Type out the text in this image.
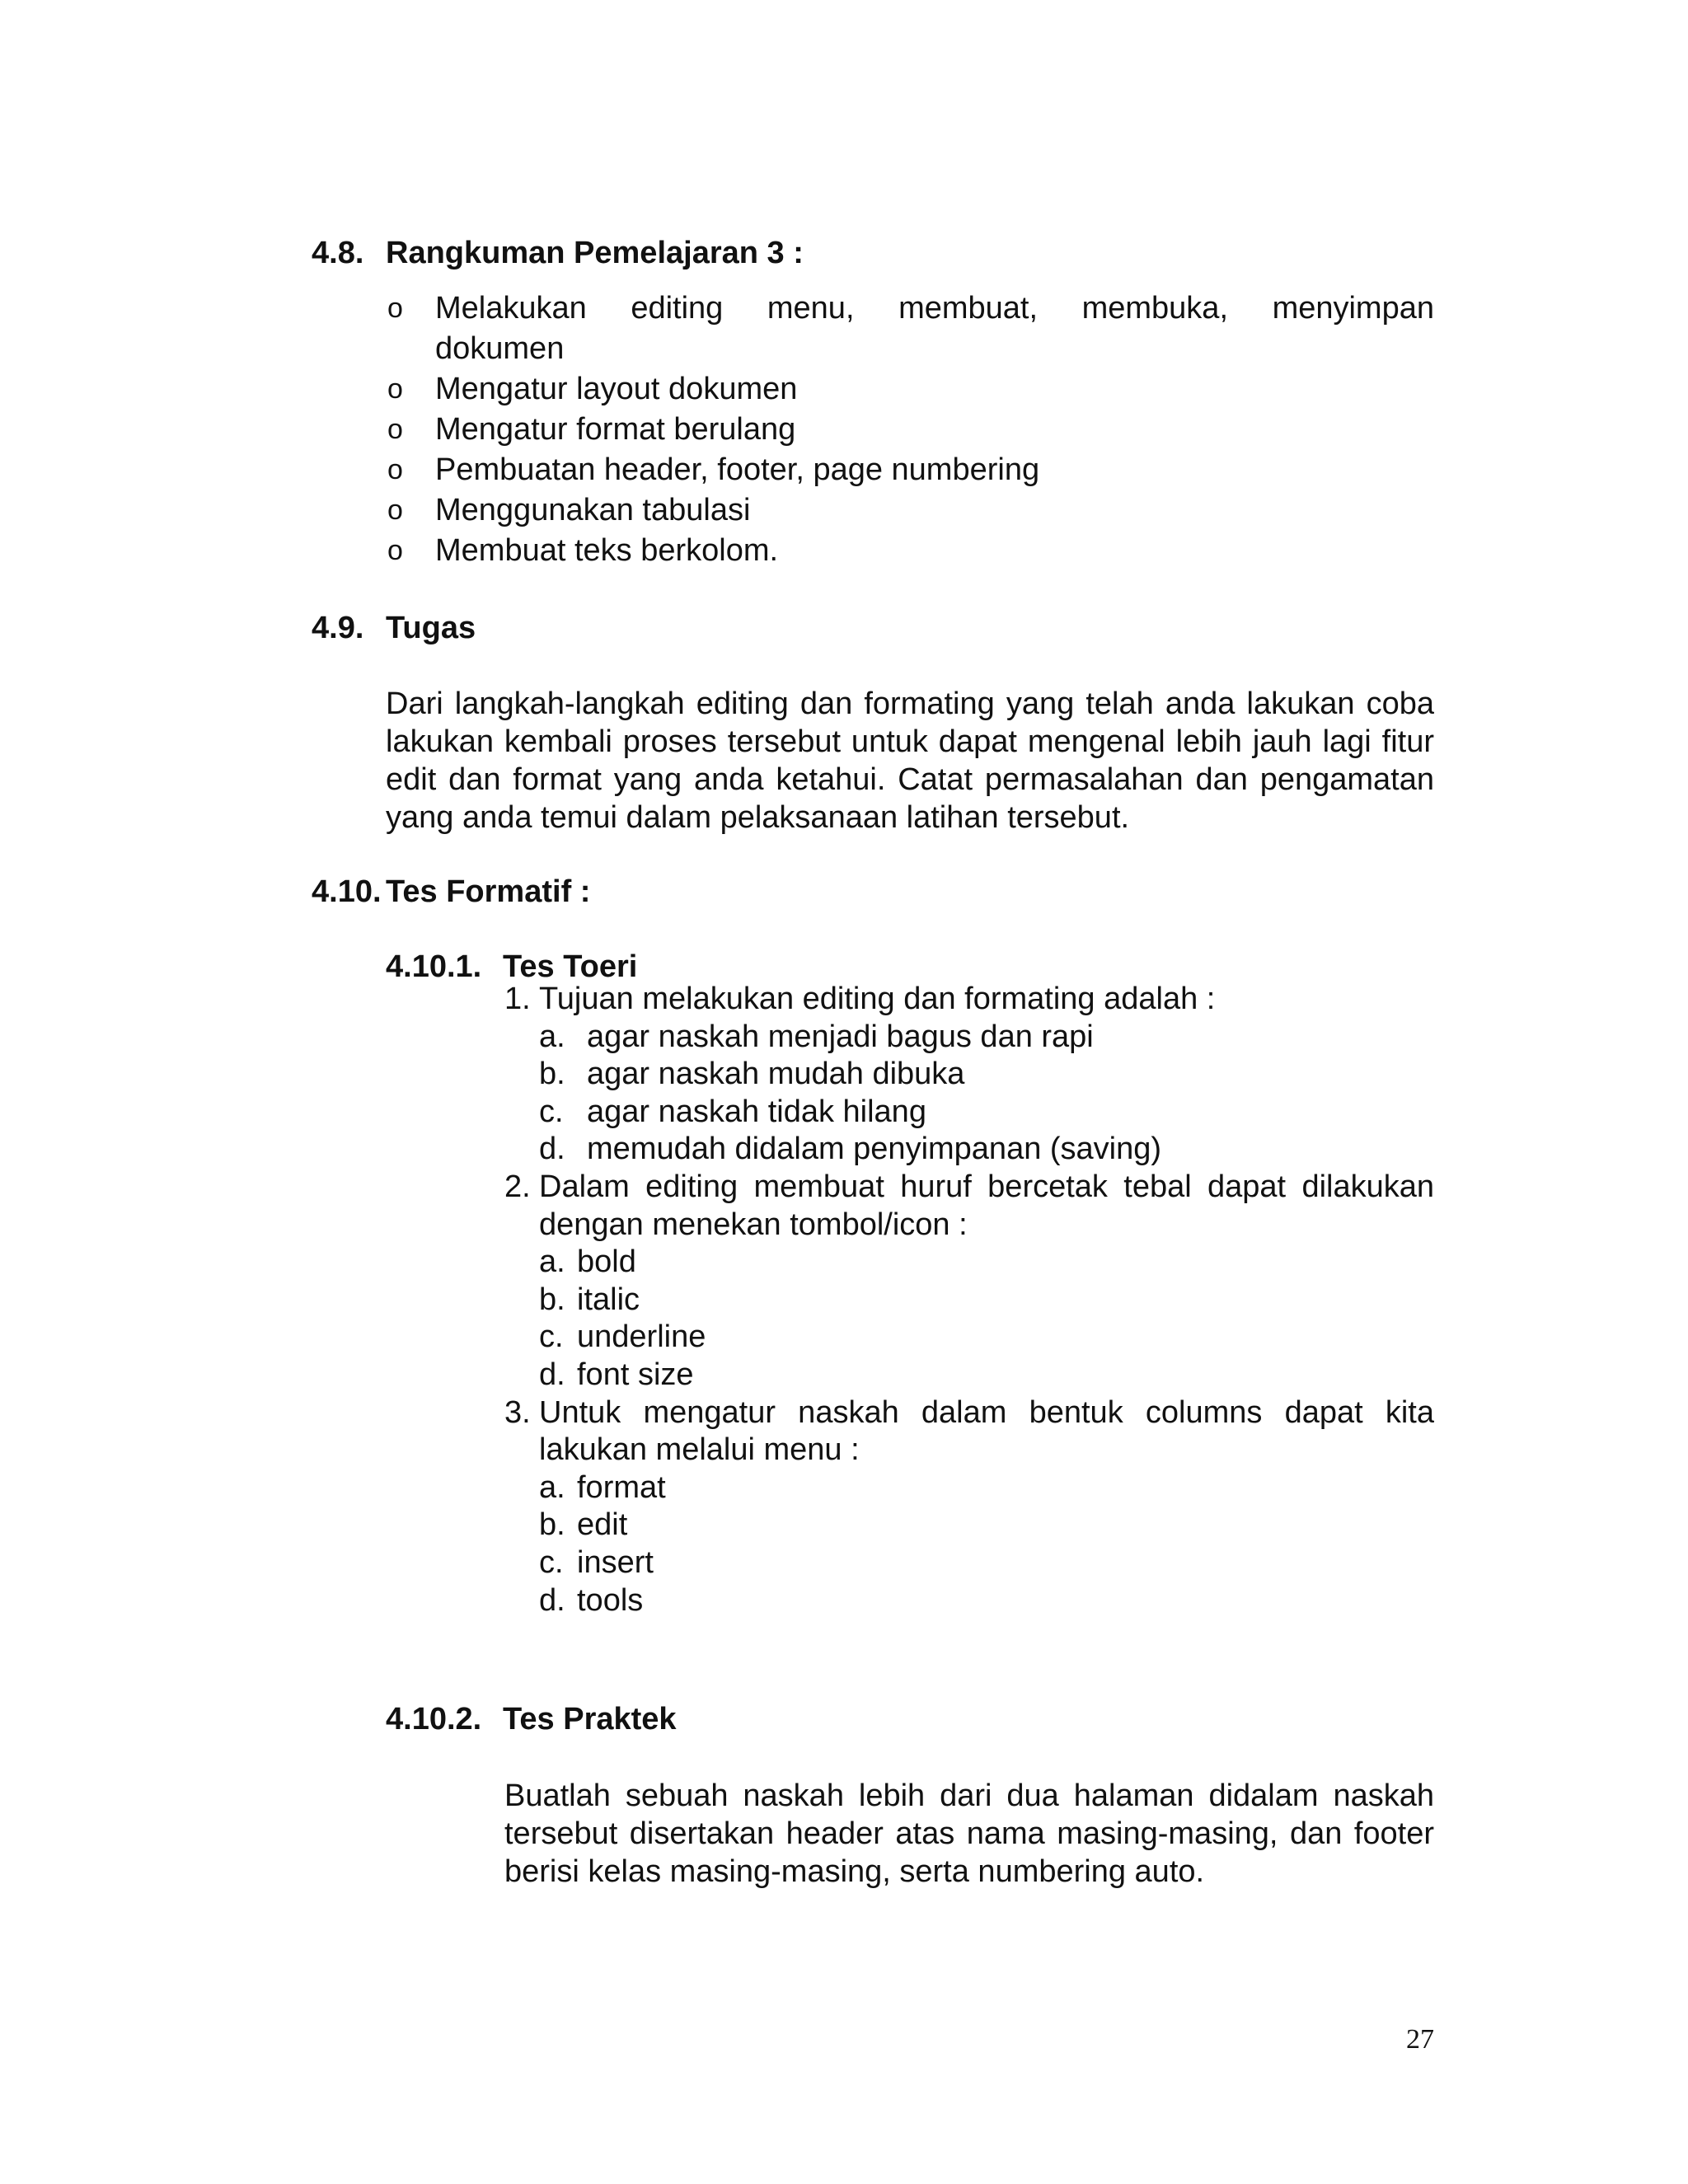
4.8. Rangkuman Pemelajaran 3 :
o Melakukan editing menu, membuat, membuka, menyimpan
dokumen
o Mengatur layout dokumen
o Mengatur format berulang
o Pembuatan header, footer, page numbering
o Menggunakan tabulasi
o Membuat teks berkolom.
4.9. Tugas
Dari langkah-langkah editing dan formating yang telah anda lakukan coba lakukan kembali proses tersebut untuk dapat mengenal lebih jauh lagi fitur edit dan format yang anda ketahui. Catat permasalahan dan pengamatan yang anda temui dalam pelaksanaan latihan tersebut.
4.10. Tes Formatif :
4.10.1. Tes Toeri
1. Tujuan melakukan editing dan formating adalah :
a. agar naskah menjadi bagus dan rapi
b. agar naskah mudah dibuka
c. agar naskah tidak hilang
d. memudah didalam penyimpanan (saving)
2. Dalam editing membuat huruf bercetak tebal dapat dilakukan dengan menekan tombol/icon :
a. bold
b. italic
c. underline
d. font size
3. Untuk mengatur naskah dalam bentuk columns dapat kita lakukan melalui menu :
a. format
b. edit
c. insert
d. tools
4.10.2. Tes Praktek
Buatlah sebuah naskah lebih dari dua halaman didalam naskah tersebut disertakan header atas nama masing-masing, dan footer berisi kelas masing-masing, serta numbering auto.
27
